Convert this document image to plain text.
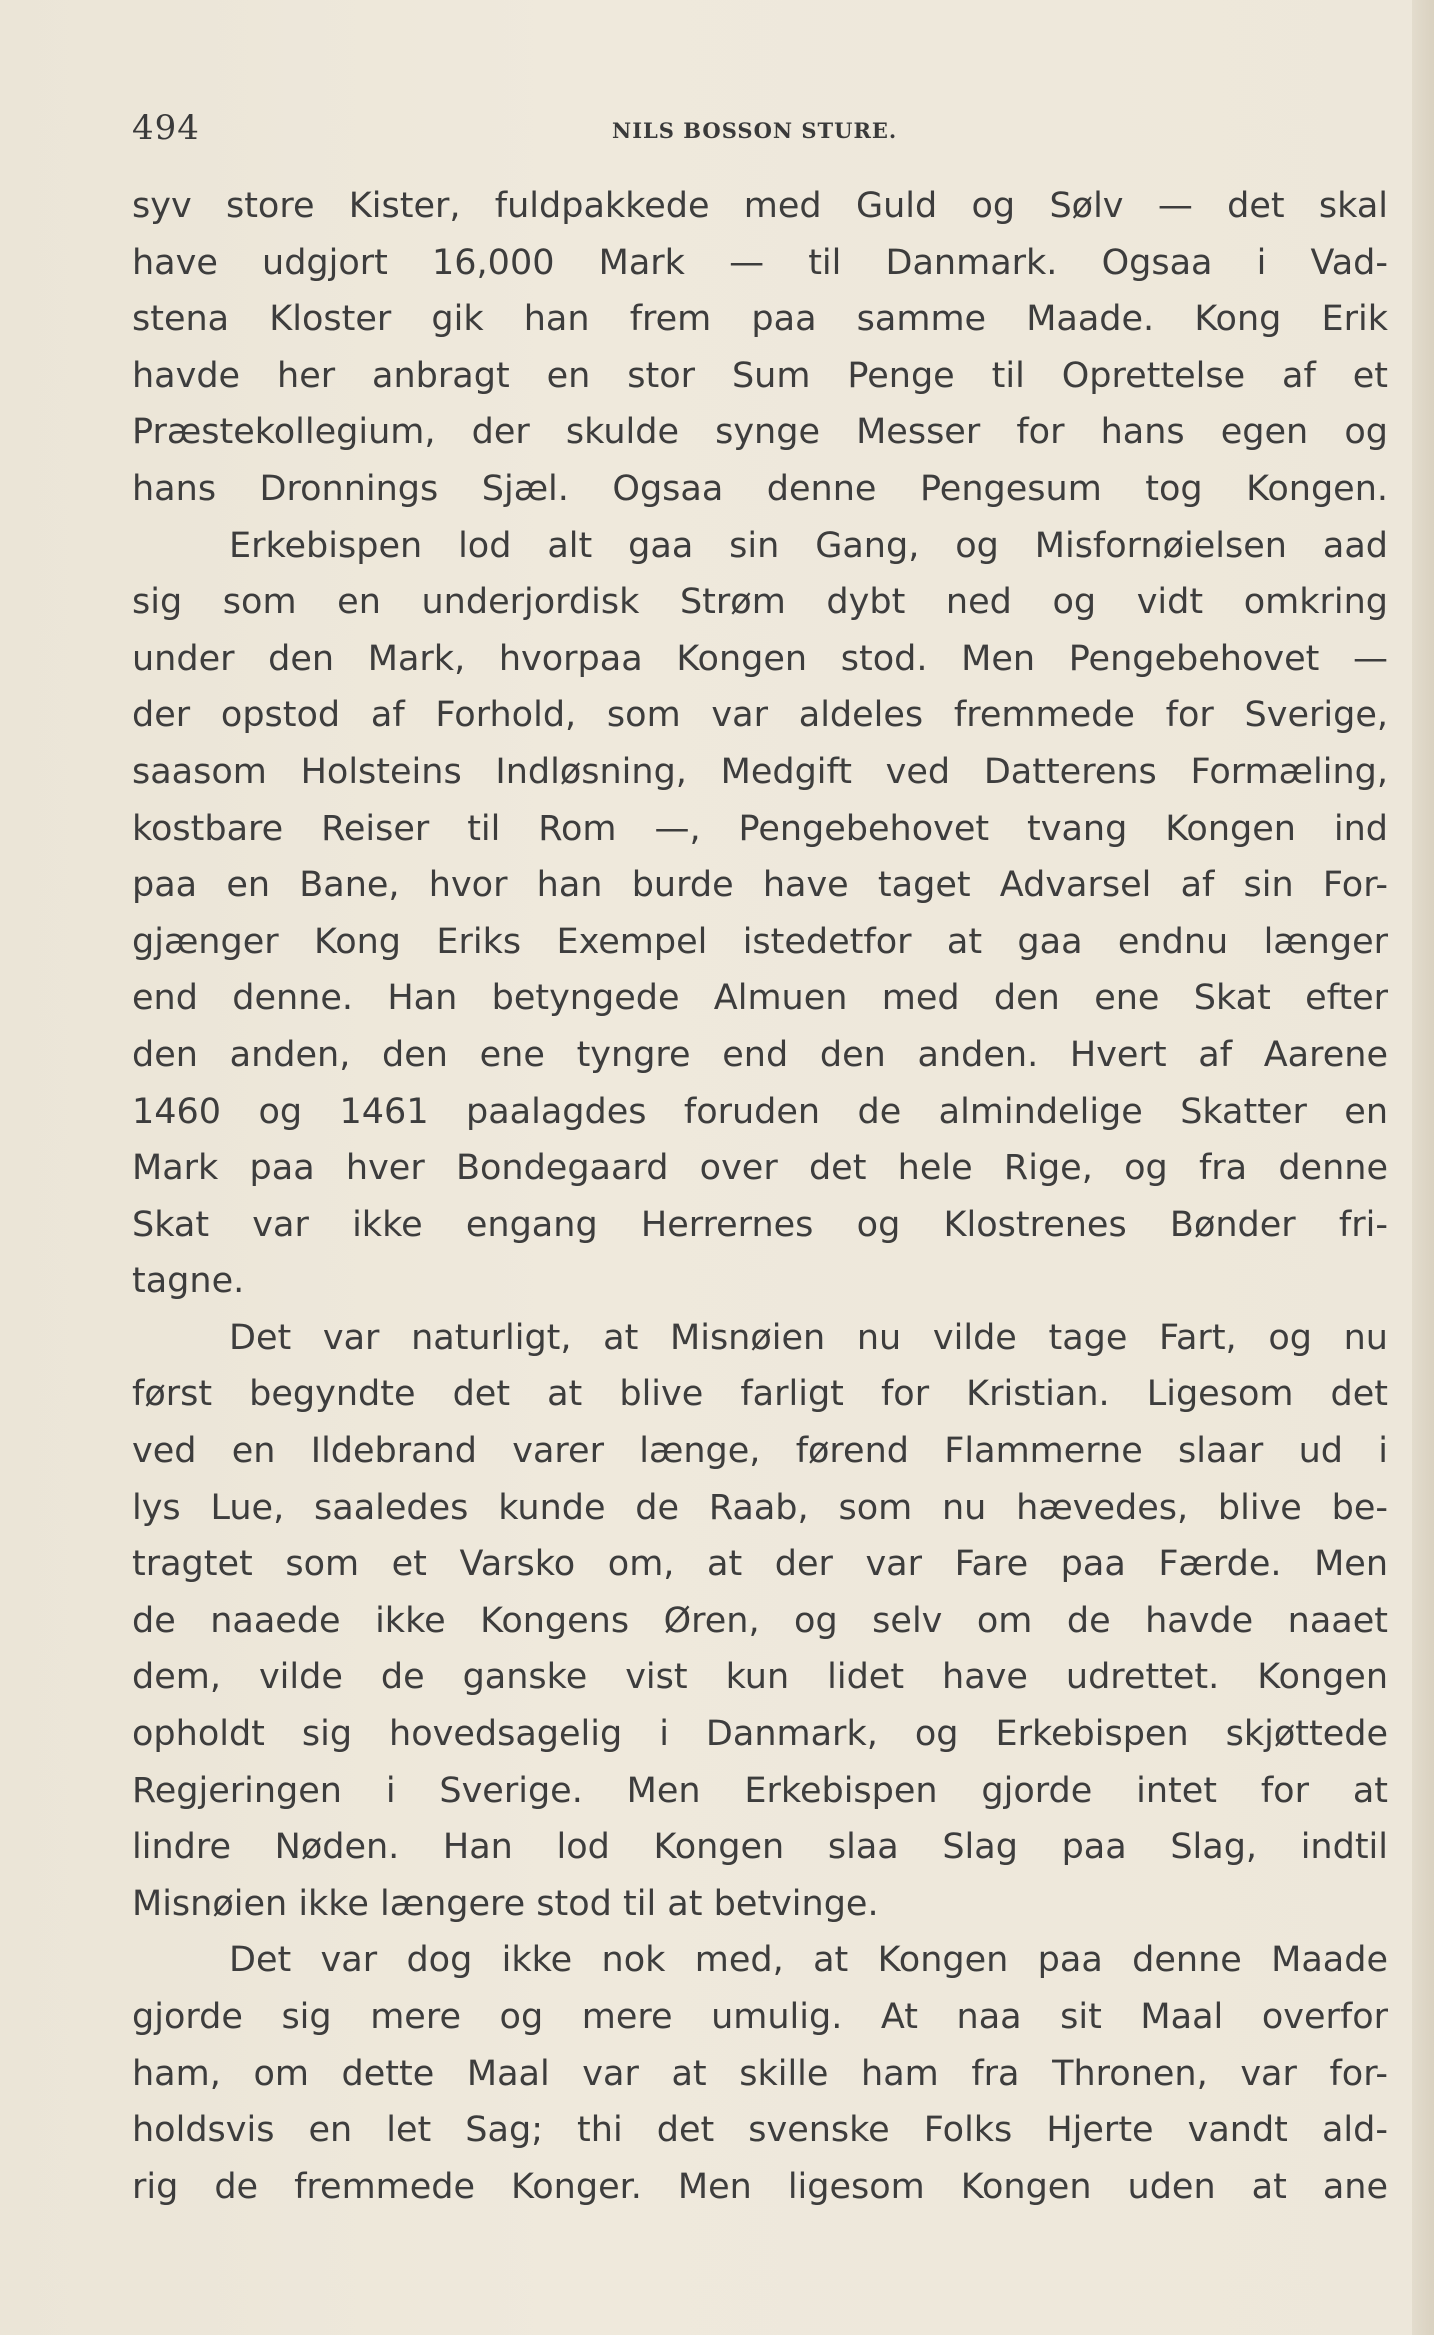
494	NILS BOSSON STURE.
syv store Kister, fuldpakkede med Guld og Sølv — det skal
have udgjort 16,000 Mark — til Danmark. Ogsaa i Vad-
stena Kloster gik han frem paa samme Maade. Kong Erik
havde her anbragt en stor Sum Penge til Oprettelse af et
Præstekollegium, der skulde synge Messer for hans egen og
hans Dronnings Sjæl. Ogsaa denne Pengesum tog Kongen.
Erkebispen lod alt gaa sin Gang, og Misfornøielsen aad
sig som en underjordisk Strøm dybt ned og vidt omkring
under den Mark, hvorpaa Kongen stod. Men Pengebehovet —
der opstod af Forhold, som var aldeles fremmede for Sverige,
saasom Holsteins Indløsning, Medgift ved Datterens Formæling,
kostbare Reiser til Rom —, Pengebehovet tvang Kongen ind
paa en Bane, hvor han burde have taget Advarsel af sin For-
gjænger Kong Eriks Exempel istedetfor at gaa endnu længer
end denne. Han betyngede Almuen med den ene Skat efter
den anden, den ene tyngre end den anden. Hvert af Aarene
1460 og 1461 paalagdes foruden de almindelige Skatter en
Mark paa hver Bondegaard over det hele Rige, og fra denne
Skat var ikke engang Herrernes og Klostrenes Bønder fri-
tagne.
Det var naturligt, at Misnøien nu vilde tage Fart, og nu
først begyndte det at blive farligt for Kristian. Ligesom det
ved en Ildebrand varer længe, førend Flammerne slaar ud i
lys Lue, saaledes kunde de Raab, som nu hævedes, blive be-
tragtet som et Varsko om, at der var Fare paa Færde. Men
de naaede ikke Kongens Øren, og selv om de havde naaet
dem, vilde de ganske vist kun lidet have udrettet. Kongen
opholdt sig hovedsagelig i Danmark, og Erkebispen skjøttede
Regjeringen i Sverige. Men Erkebispen gjorde intet for at
lindre Nøden. Han lod Kongen slaa Slag paa Slag, indtil
Misnøien ikke længere stod til at betvinge.
Det var dog ikke nok med, at Kongen paa denne Maade
gjorde sig mere og mere umulig. At naa sit Maal overfor
ham, om dette Maal var at skille ham fra Thronen, var for-
holdsvis en let Sag; thi det svenske Folks Hjerte vandt ald-
rig de fremmede Konger. Men ligesom Kongen uden at ane
